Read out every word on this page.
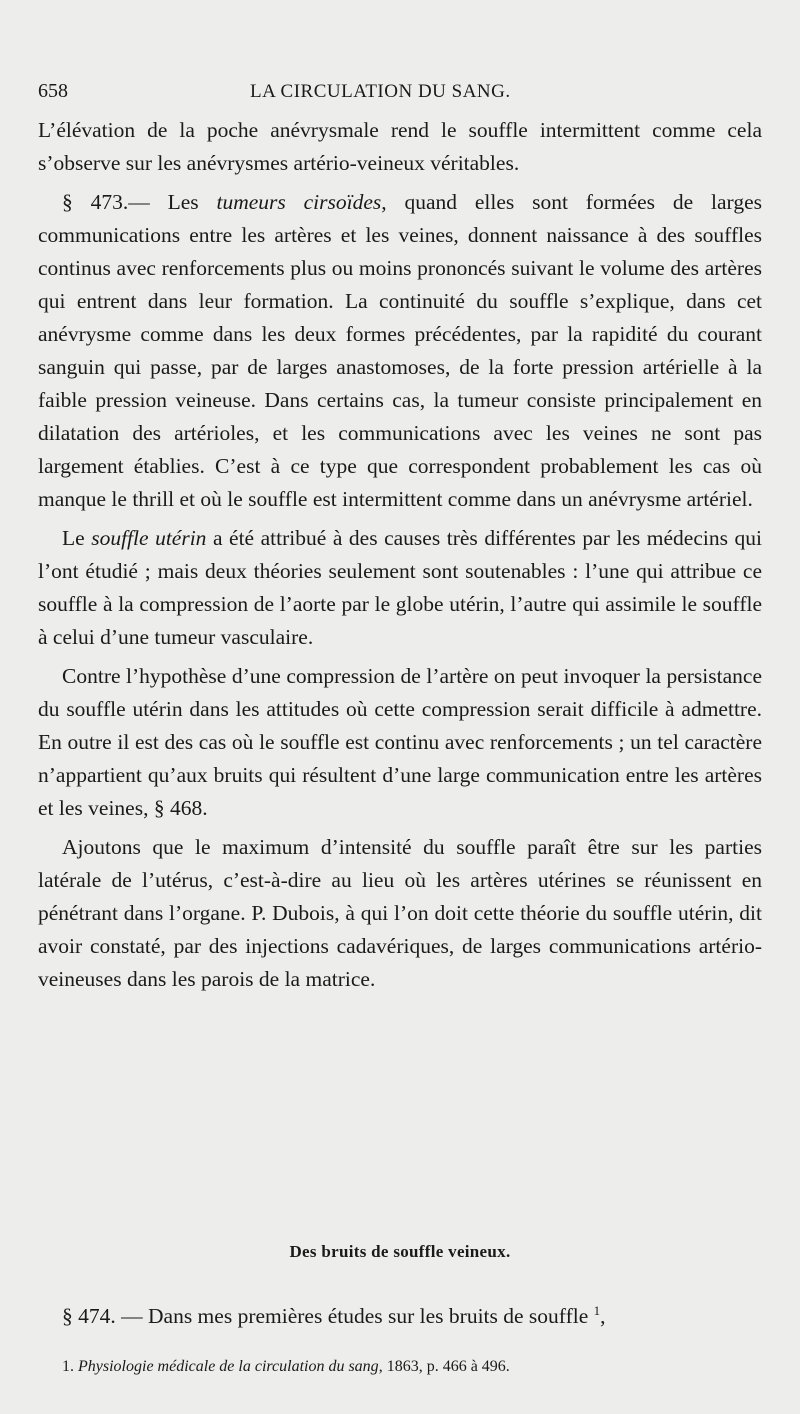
658	LA CIRCULATION DU SANG.

L’élévation de la poche anévrysmale rend le souffle intermittent comme cela s’observe sur les anévrysmes artério-veineux véritables.

§ 473.— Les tumeurs cirsoïdes, quand elles sont formées de larges communications entre les artères et les veines, donnent naissance à des souffles continus avec renforcements plus ou moins prononcés suivant le volume des artères qui entrent dans leur formation. La continuité du souffle s’explique, dans cet anévrysme comme dans les deux formes précédentes, par la rapidité du courant sanguin qui passe, par de larges anastomoses, de la forte pression artérielle à la faible pression veineuse. Dans certains cas, la tumeur consiste principalement en dilatation des artérioles, et les communications avec les veines ne sont pas largement établies. C’est à ce type que correspondent probablement les cas où manque le thrill et où le souffle est intermittent comme dans un anévrysme artériel.

Le souffle utérin a été attribué à des causes très différentes par les médecins qui l’ont étudié ; mais deux théories seulement sont soutenables : l’une qui attribue ce souffle à la compression de l’aorte par le globe utérin, l’autre qui assimile le souffle à celui d’une tumeur vasculaire.

Contre l’hypothèse d’une compression de l’artère on peut invoquer la persistance du souffle utérin dans les attitudes où cette compression serait difficile à admettre. En outre il est des cas où le souffle est continu avec renforcements ; un tel caractère n’appartient qu’aux bruits qui résultent d’une large communication entre les artères et les veines, § 468.

Ajoutons que le maximum d’intensité du souffle paraît être sur les parties latérale de l’utérus, c’est-à-dire au lieu où les artères utérines se réunissent en pénétrant dans l’organe. P. Dubois, à qui l’on doit cette théorie du souffle utérin, dit avoir constaté, par des injections cadavériques, de larges communications artério-veineuses dans les parois de la matrice.

Des bruits de souffle veineux.
§ 474. — Dans mes premières études sur les bruits de souffle $^1$,
1. Physiologie médicale de la circulation du sang, 1863, p. 466 à 496.
